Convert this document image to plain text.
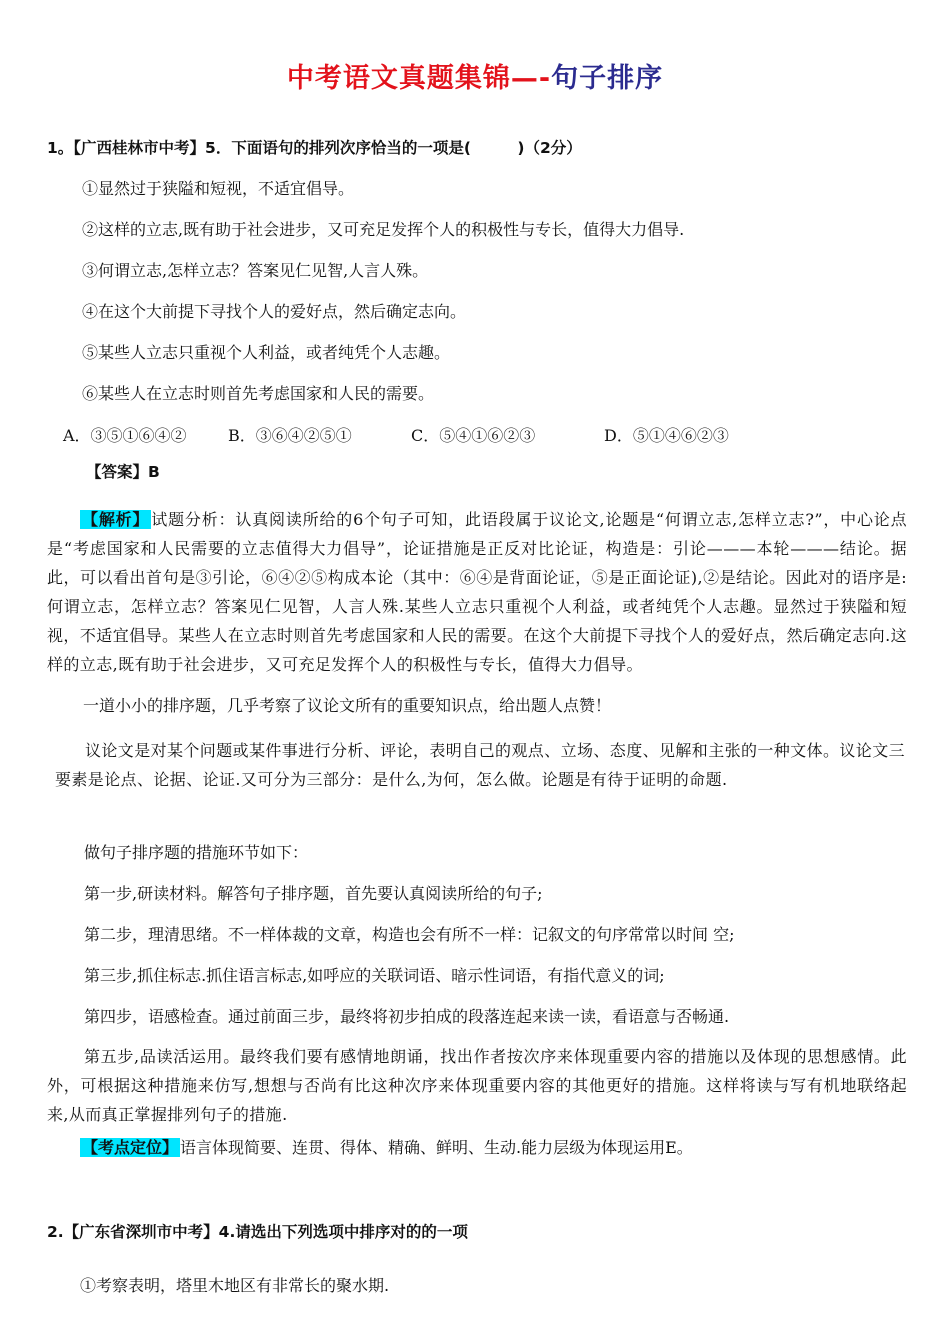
中考语文真题集锦—-句子排序
1。【广西桂林市中考】5．下面语句的排列次序恰当的一项是(　　　)（2分）
①显然过于狭隘和短视，不适宜倡导。
②这样的立志,既有助于社会进步，又可充足发挥个人的积极性与专长，值得大力倡导.
③何谓立志,怎样立志？答案见仁见智,人言人殊。
④在这个大前提下寻找个人的爱好点，然后确定志向。
⑤某些人立志只重视个人利益，或者纯凭个人志趣。
⑥某些人在立志时则首先考虑国家和人民的需要。
A．③⑤①⑥④②	B．③⑥④②⑤①	C．⑤④①⑥②③	D．⑤①④⑥②③
【答案】B
【解析】 试题分析：认真阅读所给的6个句子可知，此语段属于议论文,论题是“何谓立志,怎样立志?”，中心论点是“考虑国家和人民需要的立志值得大力倡导”，论证措施是正反对比论证，构造是：引论———本轮———结论。据此，可以看出首句是③引论，⑥④②⑤构成本论（其中：⑥④是背面论证，⑤是正面论证),②是结论。因此对的语序是:何谓立志，怎样立志？答案见仁见智，人言人殊.某些人立志只重视个人利益，或者纯凭个人志趣。显然过于狭隘和短视，不适宜倡导。某些人在立志时则首先考虑国家和人民的需要。在这个大前提下寻找个人的爱好点，然后确定志向.这样的立志,既有助于社会进步，又可充足发挥个人的积极性与专长，值得大力倡导。
一道小小的排序题，几乎考察了议论文所有的重要知识点，给出题人点赞！
议论文是对某个问题或某件事进行分析、评论，表明自己的观点、立场、态度、见解和主张的一种文体。议论文三要素是论点、论据、论证.又可分为三部分：是什么,为何，怎么做。论题是有待于证明的命题.
做句子排序题的措施环节如下：
第一步,研读材料。解答句子排序题，首先要认真阅读所给的句子;
第二步，理清思绪。不一样体裁的文章，构造也会有所不一样：记叙文的句序常常以时间 空;
第三步,抓住标志.抓住语言标志,如呼应的关联词语、暗示性词语，有指代意义的词;
第四步，语感检查。通过前面三步，最终将初步拍成的段落连起来读一读，看语意与否畅通.
第五步,品读活运用。最终我们要有感情地朗诵，找出作者按次序来体现重要内容的措施以及体现的思想感情。此外，可根据这种措施来仿写,想想与否尚有比这种次序来体现重要内容的其他更好的措施。这样将读与写有机地联络起来,从而真正掌握排列句子的措施.
【考点定位】 语言体现简要、连贯、得体、精确、鲜明、生动.能力层级为体现运用E。
2.【广东省深圳市中考】4.请选出下列选项中排序对的的一项
①考察表明，塔里木地区有非常长的聚水期.
